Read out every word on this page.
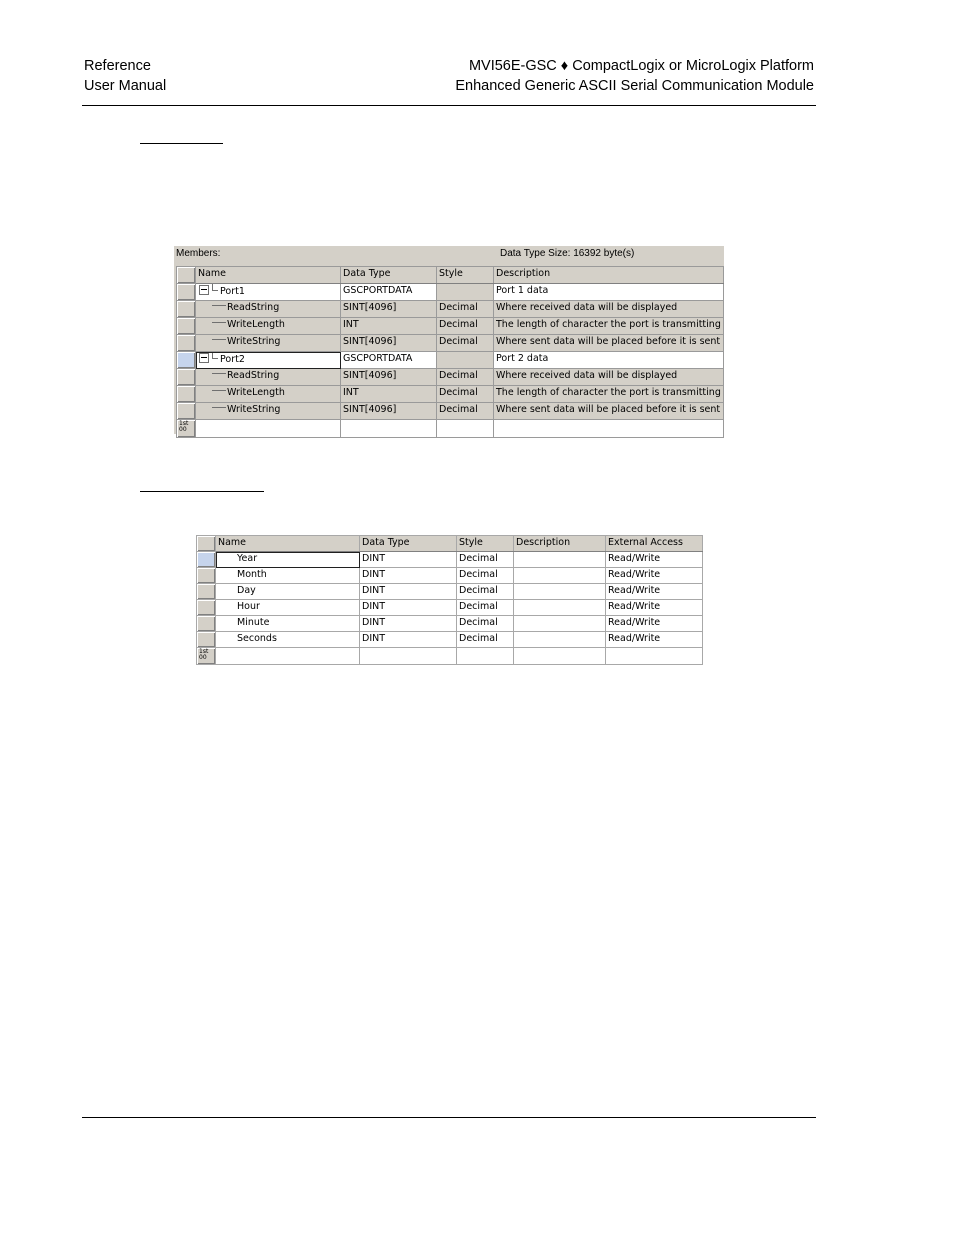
Reference
User Manual
MVI56E-GSC ♦ CompactLogix or MicroLogix Platform
Enhanced Generic ASCII Serial Communication Module
Members:	Data Type Size: 16392 byte(s)
	Name	Data Type	Style	Description
	Port1	GSCPORTDATA		Port 1 data
	ReadString	SINT[4096]	Decimal	Where received data will be displayed
	WriteLength	INT	Decimal	The length of character the port is transmitting
	WriteString	SINT[4096]	Decimal	Where sent data will be placed before it is sent
	Port2	GSCPORTDATA		Port 2 data
	ReadString	SINT[4096]	Decimal	Where received data will be displayed
	WriteLength	INT	Decimal	The length of character the port is transmitting
	WriteString	SINT[4096]	Decimal	Where sent data will be placed before it is sent
1st
00				
	Name	Data Type	Style	Description	External Access
	Year	DINT	Decimal		Read/Write
	Month	DINT	Decimal		Read/Write
	Day	DINT	Decimal		Read/Write
	Hour	DINT	Decimal		Read/Write
	Minute	DINT	Decimal		Read/Write
	Seconds	DINT	Decimal		Read/Write
1st
00					
